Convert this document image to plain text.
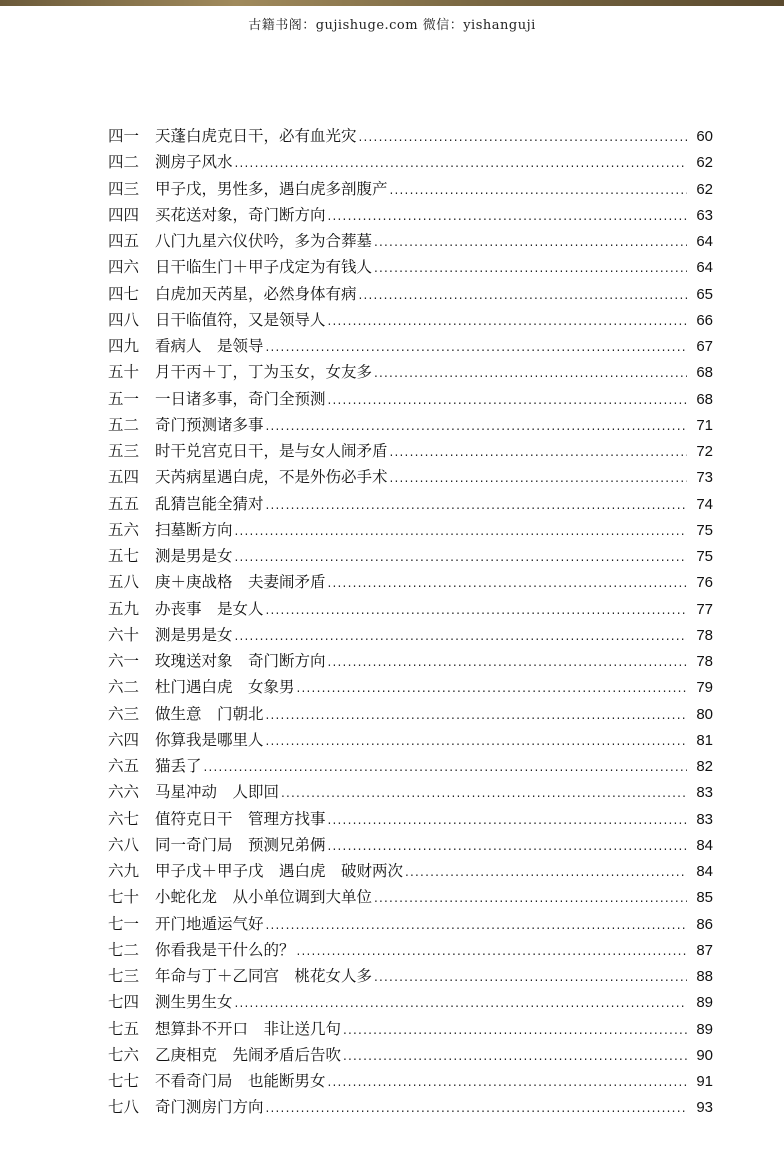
古籍书阁：gujishuge.com 微信：yishanguji
四一	天蓬白虎克日干，必有血光灾 .....	60
四二	测房子风水 .....	62
四三	甲子戊，男性多，遇白虎多剖腹产 .....	62
四四	买花送对象，奇门断方向 .....	63
四五	八门九星六仪伏吟，多为合葬墓 .....	64
四六	日干临生门＋甲子戊定为有钱人 .....	64
四七	白虎加天芮星，必然身体有病 .....	65
四八	日干临值符，又是领导人 .....	66
四九	看病人　是领导 .....	67
五十	月干丙＋丁，丁为玉女，女友多 .....	68
五一	一日诸多事，奇门全预测 .....	68
五二	奇门预测诸多事 .....	71
五三	时干兑宫克日干，是与女人闹矛盾 .....	72
五四	天芮病星遇白虎，不是外伤必手术 .....	73
五五	乱猜岂能全猜对 .....	74
五六	扫墓断方向 .....	75
五七	测是男是女 .....	75
五八	庚＋庚战格　夫妻闹矛盾 .....	76
五九	办丧事　是女人 .....	77
六十	测是男是女 .....	78
六一	玫瑰送对象　奇门断方向 .....	78
六二	杜门遇白虎　女象男 .....	79
六三	做生意　门朝北 .....	80
六四	你算我是哪里人 .....	81
六五	猫丢了 .....	82
六六	马星冲动　人即回 .....	83
六七	值符克日干　管理方找事 .....	83
六八	同一奇门局　预测兄弟俩 .....	84
六九	甲子戊＋甲子戊　遇白虎　破财两次 .....	84
七十	小蛇化龙　从小单位调到大单位 .....	85
七一	开门地遁运气好 .....	86
七二	你看我是干什么的？ .....	87
七三	年命与丁＋乙同宫　桃花女人多 .....	88
七四	测生男生女 .....	89
七五	想算卦不开口　非让送几句 .....	89
七六	乙庚相克　先闹矛盾后告吹 .....	90
七七	不看奇门局　也能断男女 .....	91
七八	奇门测房门方向 .....	93
